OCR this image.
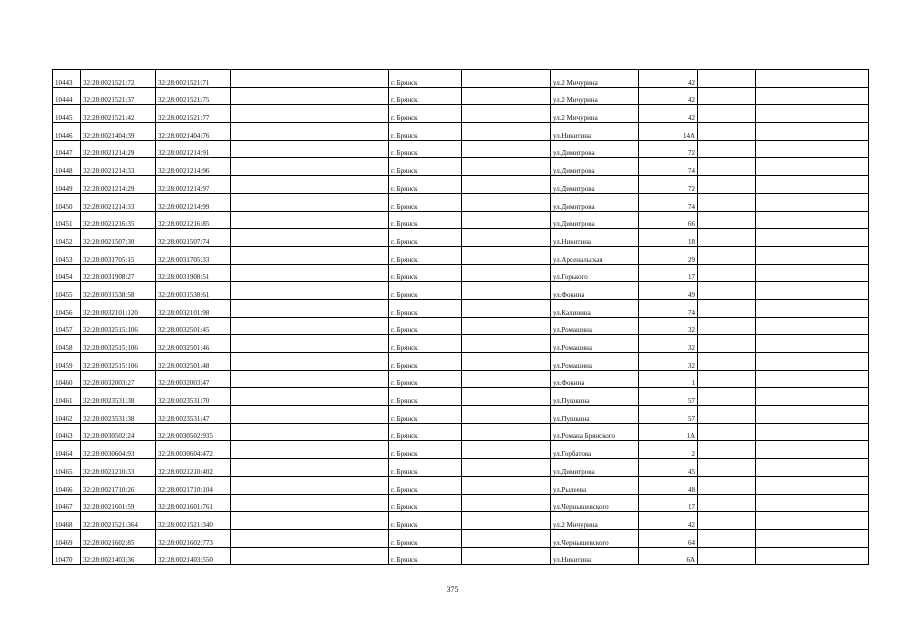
10443	32:28:0021521:72	32:28:0021521:71		г. Брянск		ул.2 Мичурина	42		
10444	32:28:0021521:37	32:28:0021521:75		г. Брянск		ул.2 Мичурина	42		
10445	32:28:0021521:42	32:28:0021521:77		г. Брянск		ул.2 Мичурина	42		
10446	32:28:0021404:39	32:28:0021404:76		г. Брянск		ул.Никитина	14А		
10447	32:28:0021214:29	32:28:0021214:91		г. Брянск		ул.Димитрова	72		
10448	32:28:0021214:33	32:28:0021214:96		г. Брянск		ул.Димитрова	74		
10449	32:28:0021214:29	32:28:0021214:97		г. Брянск		ул.Димитрова	72		
10450	32:28:0021214:33	32:28:0021214:99		г. Брянск		ул.Димитрова	74		
10451	32:28:0021216:35	32:28:0021216:85		г. Брянск		ул.Димитрова	66		
10452	32:28:0021507:30	32:28:0021507:74		г. Брянск		ул.Никитина	18		
10453	32:28:0031705:15	32:28:0031705:33		г. Брянск		ул.Арсенальская	29		
10454	32:28:0031908:27	32:28:0031908:51		г. Брянск		ул.Горького	17		
10455	32:28:0031538:58	32:28:0031538:61		г. Брянск		ул.Фокина	49		
10456	32:28:0032101:120	32:28:0032101:98		г. Брянск		ул.Калинина	74		
10457	32:28:0032515:106	32:28:0032501:45		г. Брянск		ул.Ромашина	32		
10458	32:28:0032515:106	32:28:0032501:46		г. Брянск		ул.Ромашина	32		
10459	32:28:0032515:106	32:28:0032501:48		г. Брянск		ул.Ромашина	32		
10460	32:28:0032003:27	32:28:0032003:47		г. Брянск		ул.Фокина	1		
10461	32:28:0023531:38	32:28:0023531:70		г. Брянск		ул.Пушкина	57		
10462	32:28:0023531:38	32:28:0023531:47		г. Брянск		ул.Пушкина	57		
10463	32:28:0030502:24	32:28:0030502:935		г. Брянск		ул.Романа Брянского	1А		
10464	32:28:0030604:93	32:28:0030604:472		г. Брянск		ул.Горбатова	2		
10465	32:28:0021210:33	32:28:0021210:402		г. Брянск		ул.Димитрова	45		
10466	32:28:0021710:26	32:28:0021710:104		г. Брянск		ул.Рылеева	48		
10467	32:28:0021601:59	32:28:0021601:761		г. Брянск		ул.Чернышевского	17		
10468	32:28:0021521:364	32:28:0021521:340		г. Брянск		ул.2 Мичурина	42		
10469	32:28:0021602:85	32:28:0021602:773		г. Брянск		ул.Чернышевского	64		
10470	32:28:0021403:36	32:28:0021403:550		г. Брянск		ул.Никитина	6А		
375
